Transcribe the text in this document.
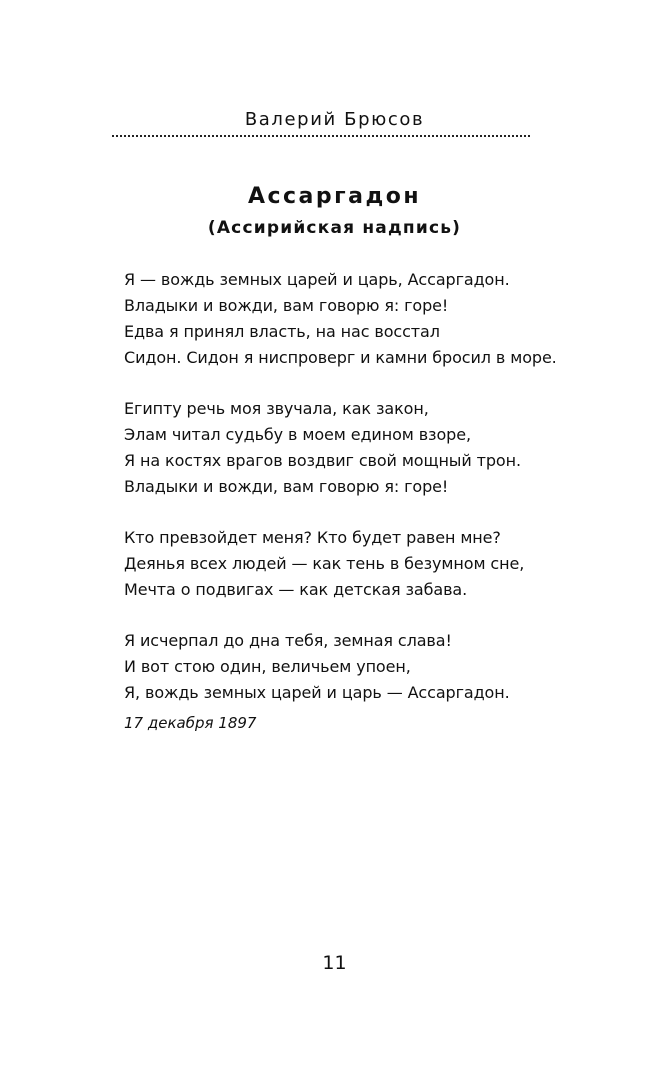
Валерий Брюсов
Ассаргадон
(Ассирийская надпись)
Я — вождь земных царей и царь, Ассаргадон.
Владыки и вожди, вам говорю я: горе!
Едва я принял власть, на нас восстал
Сидон. Сидон я ниспроверг и камни бросил в море.
Египту речь моя звучала, как закон,
Элам читал судьбу в моем едином взоре,
Я на костях врагов воздвиг свой мощный трон.
Владыки и вожди, вам говорю я: горе!
Кто превзойдет меня? Кто будет равен мне?
Деянья всех людей — как тень в безумном сне,
Мечта о подвигах — как детская забава.
Я исчерпал до дна тебя, земная слава!
И вот стою один, величьем упоен,
Я, вождь земных царей и царь — Ассаргадон.
17 декабря 1897
11
